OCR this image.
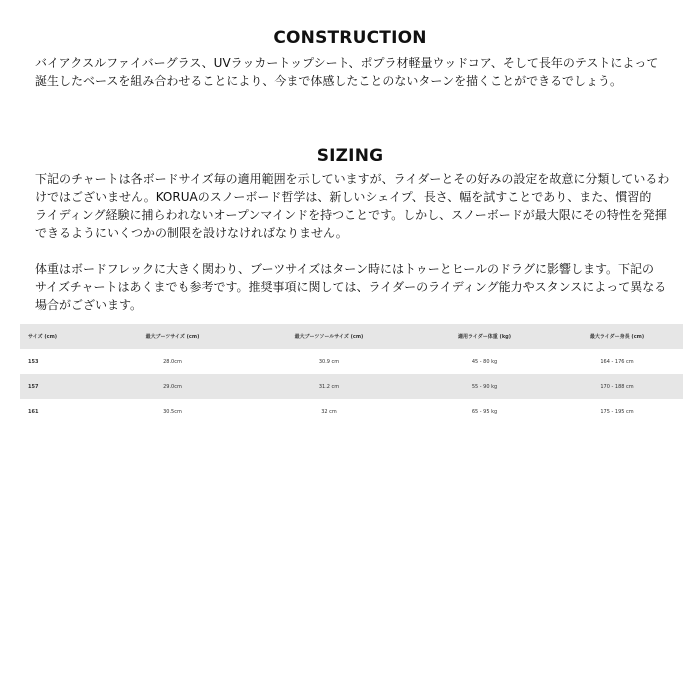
CONSTRUCTION
バイアクスルファイバーグラス、UVラッカートップシート、ポプラ材軽量ウッドコア、そして長年のテストによって
誕生したベースを組み合わせることにより、今まで体感したことのないターンを描くことができるでしょう。
SIZING
下記のチャートは各ボードサイズ毎の適用範囲を示していますが、ライダーとその好みの設定を故意に分類しているわ
けではございません。KORUAのスノーボード哲学は、新しいシェイプ、長さ、幅を試すことであり、また、慣習的
ライディング経験に捕らわれないオープンマインドを持つことです。しかし、スノーボードが最大限にその特性を発揮
できるようにいくつかの制限を設けなければなりません。
体重はボードフレックに大きく関わり、ブーツサイズはターン時にはトゥーとヒールのドラグに影響します。下記の
サイズチャートはあくまでも参考です。推奨事項に関しては、ライダーのライディング能力やスタンスによって異なる
場合がございます。
サイズ (cm)	最大ブーツサイズ (cm)	最大ブーツソールサイズ (cm)	適用ライダー体重 (kg)	最大ライダー身長 (cm)
153	28.0cm	30.9 cm	45 - 80 kg	164 - 176 cm
157	29.0cm	31.2 cm	55 - 90 kg	170 - 188 cm
161	30.5cm	32 cm	65 - 95 kg	175 - 195 cm
